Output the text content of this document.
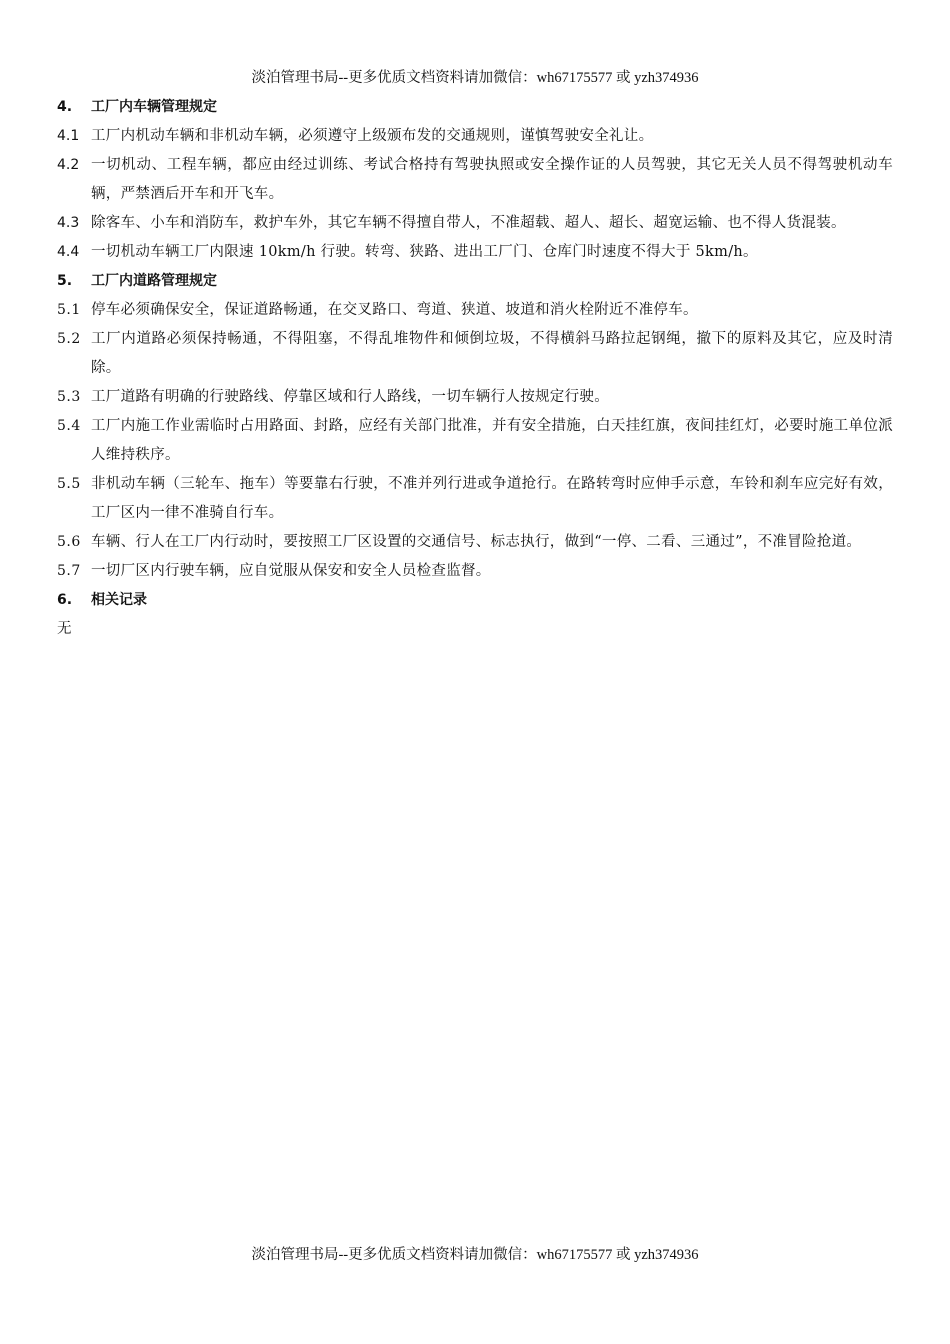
淡泊管理书局--更多优质文档资料请加微信：wh67175577 或 yzh374936
4.	工厂内车辆管理规定
4.1 工厂内机动车辆和非机动车辆，必须遵守上级颁布发的交通规则，谨慎驾驶安全礼让。
4.2 一切机动、工程车辆，都应由经过训练、考试合格持有驾驶执照或安全操作证的人员驾驶，其它无关人员不得驾驶机动车辆，严禁酒后开车和开飞车。
4.3 除客车、小车和消防车，救护车外，其它车辆不得擅自带人，不准超载、超人、超长、超宽运输、也不得人货混装。
4.4 一切机动车辆工厂内限速 10km/h 行驶。转弯、狭路、进出工厂门、仓库门时速度不得大于 5km/h。
5.	工厂内道路管理规定
5.1 停车必须确保安全，保证道路畅通，在交叉路口、弯道、狭道、坡道和消火栓附近不准停车。
5.2 工厂内道路必须保持畅通，不得阻塞，不得乱堆物件和倾倒垃圾，不得横斜马路拉起钢绳，撤下的原料及其它，应及时清除。
5.3 工厂道路有明确的行驶路线、停靠区域和行人路线，一切车辆行人按规定行驶。
5.4 工厂内施工作业需临时占用路面、封路，应经有关部门批准，并有安全措施，白天挂红旗，夜间挂红灯，必要时施工单位派人维持秩序。
5.5 非机动车辆（三轮车、拖车）等要靠右行驶，不准并列行进或争道抢行。在路转弯时应伸手示意，车铃和刹车应完好有效，工厂区内一律不准骑自行车。
5.6 车辆、行人在工厂内行动时，要按照工厂区设置的交通信号、标志执行，做到“一停、二看、三通过”，不准冒险抢道。
5.7 一切厂区内行驶车辆，应自觉服从保安和安全人员检查监督。
6.	相关记录
无
淡泊管理书局--更多优质文档资料请加微信：wh67175577 或 yzh374936
